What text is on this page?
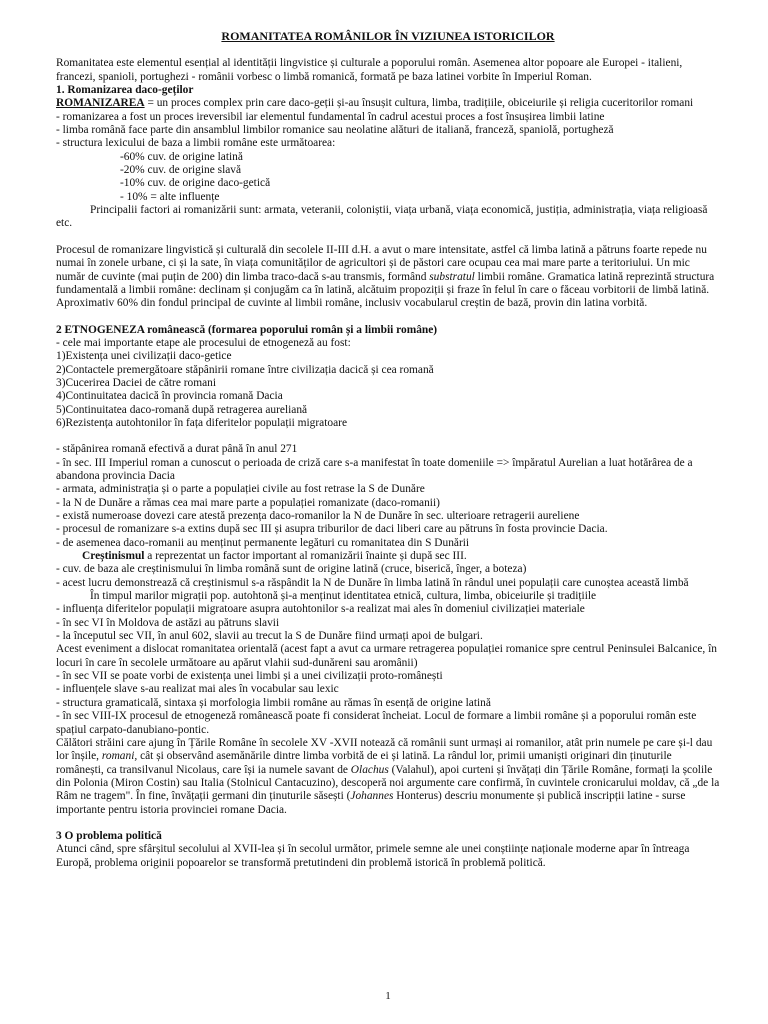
ROMANITATEA ROMÂNILOR ÎN VIZIUNEA ISTORICILOR

Romanitatea este elementul esențial al identității lingvistice și culturale a poporului român. Asemenea altor popoare ale Europei - italieni, francezi, spanioli, portughezi - românii vorbesc o limbă romanică, formată pe baza latinei vorbite în Imperiul Roman.

1. Romanizarea daco-geților

ROMANIZAREA = un proces complex prin care daco-geții și-au însușit cultura, limba, tradițiile, obiceiurile și religia cuceritorilor romani

- romanizarea a fost un proces ireversibil iar elementul fundamental în cadrul acestui proces a fost însușirea limbii latine

- limba română face parte din ansamblul limbilor romanice sau neolatine alături de italiană, franceză, spaniolă, portugheză

- structura lexicului de baza a limbii române este următoarea:

-60% cuv. de origine latină

-20% cuv. de origine slavă

-10% cuv. de origine daco-getică

- 10% = alte influențe

Principalii factori ai romanizării sunt: armata, veteranii, coloniștii, viața urbană, viața economică, justiția, administrația, viața religioasă etc.

Procesul de romanizare lingvistică și culturală din secolele II-III d.H. a avut o mare intensitate, astfel că limba latină a pătruns foarte repede nu numai în zonele urbane, ci și la sate, în viața comunităților de agricultori și de păstori care ocupau cea mai mare parte a teritoriului. Un mic număr de cuvinte (mai puțin de 200) din limba traco-dacă s-au transmis, formând substratul limbii române. Gramatica latină reprezintă structura fundamentală a limbii române: declinam și conjugăm ca în latină, alcătuim propoziții și fraze în felul în care o făceau vorbitorii de limbă latină. Aproximativ 60% din fondul principal de cuvinte al limbii române, inclusiv vocabularul creștin de bază, provin din latina vorbită.

2 ETNOGENEZA românească (formarea poporului român și a limbii române)

- cele mai importante etape ale procesului de etnogeneză au fost:

1)Existența unei civilizații daco-getice

2)Contactele premergătoare stăpânirii romane între civilizația dacică și cea romană

3)Cucerirea Daciei de către romani

4)Continuitatea dacică în provincia romană Dacia

5)Continuitatea daco-romană după retragerea aureliană

6)Rezistența autohtonilor în fața diferitelor populații migratoare

- stăpânirea romană efectivă a durat până în anul 271

- în sec. III Imperiul roman a cunoscut o perioada de criză care s-a manifestat în toate domeniile => împăratul Aurelian a luat hotărârea de a abandona provincia Dacia

- armata, administrația și o parte a populației civile au fost retrase la S de Dunăre

- la N de Dunăre a rămas cea mai mare parte a populației romanizate (daco-romanii)

- există numeroase dovezi care atestă prezența daco-romanilor la N de Dunăre în sec. ulterioare retragerii aureliene

- procesul de romanizare s-a extins după sec III și asupra triburilor de daci liberi care au pătruns în fosta provincie Dacia.

- de asemenea daco-romanii au menținut permanente legături cu romanitatea din S Dunării

Creștinismul a reprezentat un factor important al romanizării înainte și după sec III.

- cuv. de baza ale creștinismului în limba română sunt de origine latină (cruce, biserică, înger, a boteza)

- acest lucru demonstrează că creștinismul s-a răspândit la N de Dunăre în limba latină în rândul unei populații care cunoștea această limbă

În timpul marilor migrații pop. autohtonă și-a menținut identitatea etnică, cultura, limba, obiceiurile și tradițiile

- influența diferitelor populații migratoare asupra autohtonilor s-a realizat mai ales în domeniul civilizației materiale

- în sec VI în Moldova de astăzi au pătruns slavii

- la începutul sec VII, în anul 602, slavii au trecut la S de Dunăre fiind urmați apoi de bulgari.

Acest eveniment a dislocat romanitatea orientală (acest fapt a avut ca urmare retragerea populației romanice spre centrul Peninsulei Balcanice, în locuri în care în secolele următoare au apărut vlahii sud-dunăreni sau aromânii)

- în sec VII se poate vorbi de existența unei limbi și a unei civilizații proto-românești

- influențele slave s-au realizat mai ales în vocabular sau lexic

- structura gramaticală, sintaxa și morfologia limbii române au rămas în esență de origine latină

- în sec VIII-IX procesul de etnogeneză românească poate fi considerat încheiat. Locul de formare a limbii române și a poporului român este spațiul carpato-danubiano-pontic.

Călători străini care ajung în Țările Române în secolele XV -XVII notează că românii sunt urmași ai romanilor, atât prin numele pe care și-l dau lor înșile, romani, cât și observând asemănările dintre limba vorbită de ei și latină. La rândul lor, primii umaniști originari din ținuturile românești, ca transilvanul Nicolaus, care își ia numele savant de Olachus (Valahul), apoi curteni și învățați din Țările Române, formați la școlile din Polonia (Miron Costin) sau Italia (Stolnicul Cantacuzino), descoperă noi argumente care confirmă, în cuvintele cronicarului moldav, că „de la Râm ne tragem". În fine, învățații germani din ținuturile săsești (Johannes Honterus) descriu monumente și publică inscripții latine - surse importante pentru istoria provinciei romane Dacia.

3 O problema politică

Atunci când, spre sfârșitul secolului al XVII-lea și în secolul următor, primele semne ale unei conștiințe naționale moderne apar în întreaga Europă, problema originii popoarelor se transformă pretutindeni din problemă istorică în problemă politică.

1
